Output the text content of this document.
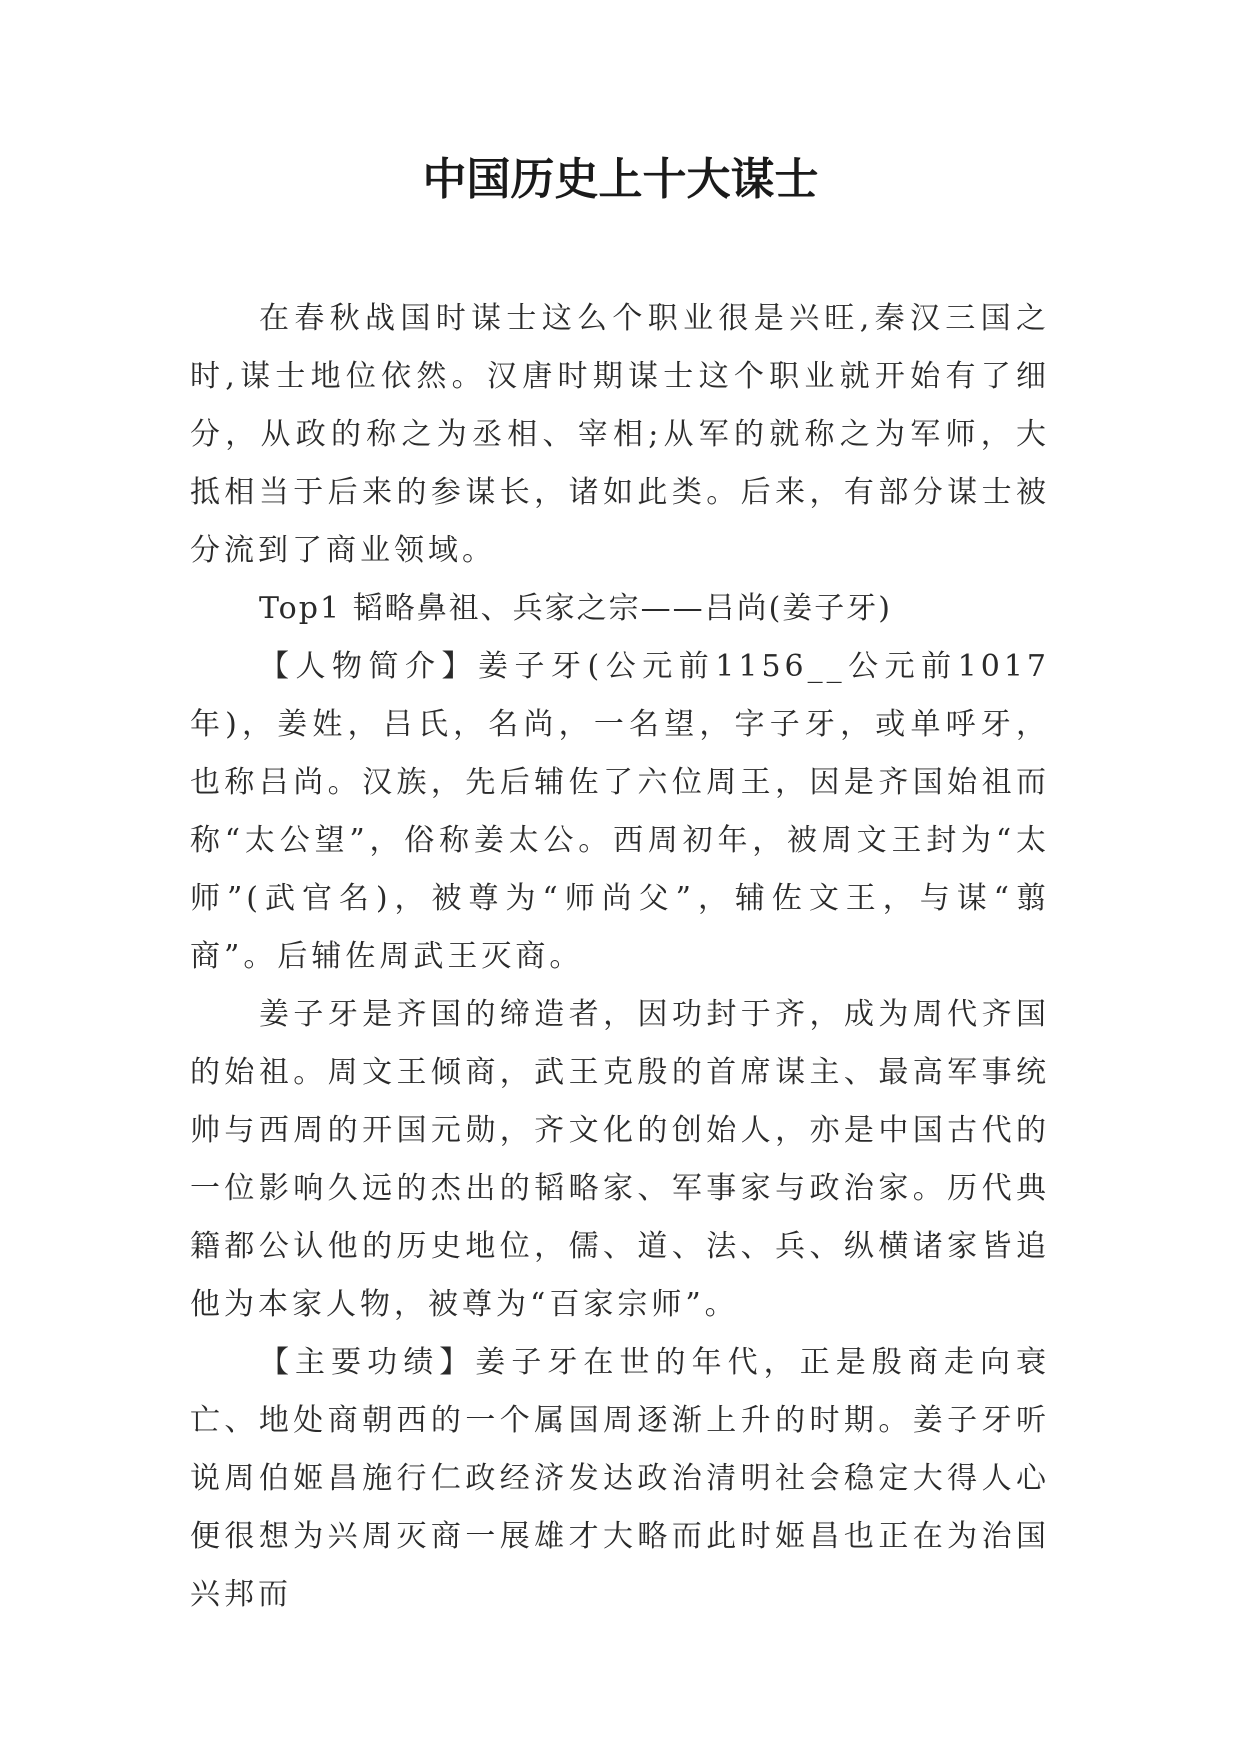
中国历史上十大谋士

在春秋战国时谋士这么个职业很是兴旺,秦汉三国之时,谋士地位依然。汉唐时期谋士这个职业就开始有了细分，从政的称之为丞相、宰相;从军的就称之为军师，大抵相当于后来的参谋长，诸如此类。后来，有部分谋士被分流到了商业领域。

Top1 韬略鼻祖、兵家之宗——吕尚(姜子牙)

【人物简介】姜子牙(公元前1156__公元前1017年)，姜姓，吕氏，名尚，一名望，字子牙，或单呼牙，也称吕尚。汉族，先后辅佐了六位周王，因是齐国始祖而称“太公望”，俗称姜太公。西周初年，被周文王封为“太师”(武官名)，被尊为“师尚父”，辅佐文王，与谋“翦商”。后辅佐周武王灭商。

姜子牙是齐国的缔造者，因功封于齐，成为周代齐国的始祖。周文王倾商，武王克殷的首席谋主、最高军事统帅与西周的开国元勋，齐文化的创始人，亦是中国古代的一位影响久远的杰出的韬略家、军事家与政治家。历代典籍都公认他的历史地位，儒、道、法、兵、纵横诸家皆追他为本家人物，被尊为“百家宗师”。

【主要功绩】姜子牙在世的年代，正是殷商走向衰亡、地处商朝西的一个属国周逐渐上升的时期。姜子牙听说周伯姬昌施行仁政经济发达政治清明社会稳定大得人心便很想为兴周灭商一展雄才大略而此时姬昌也正在为治国兴邦而
